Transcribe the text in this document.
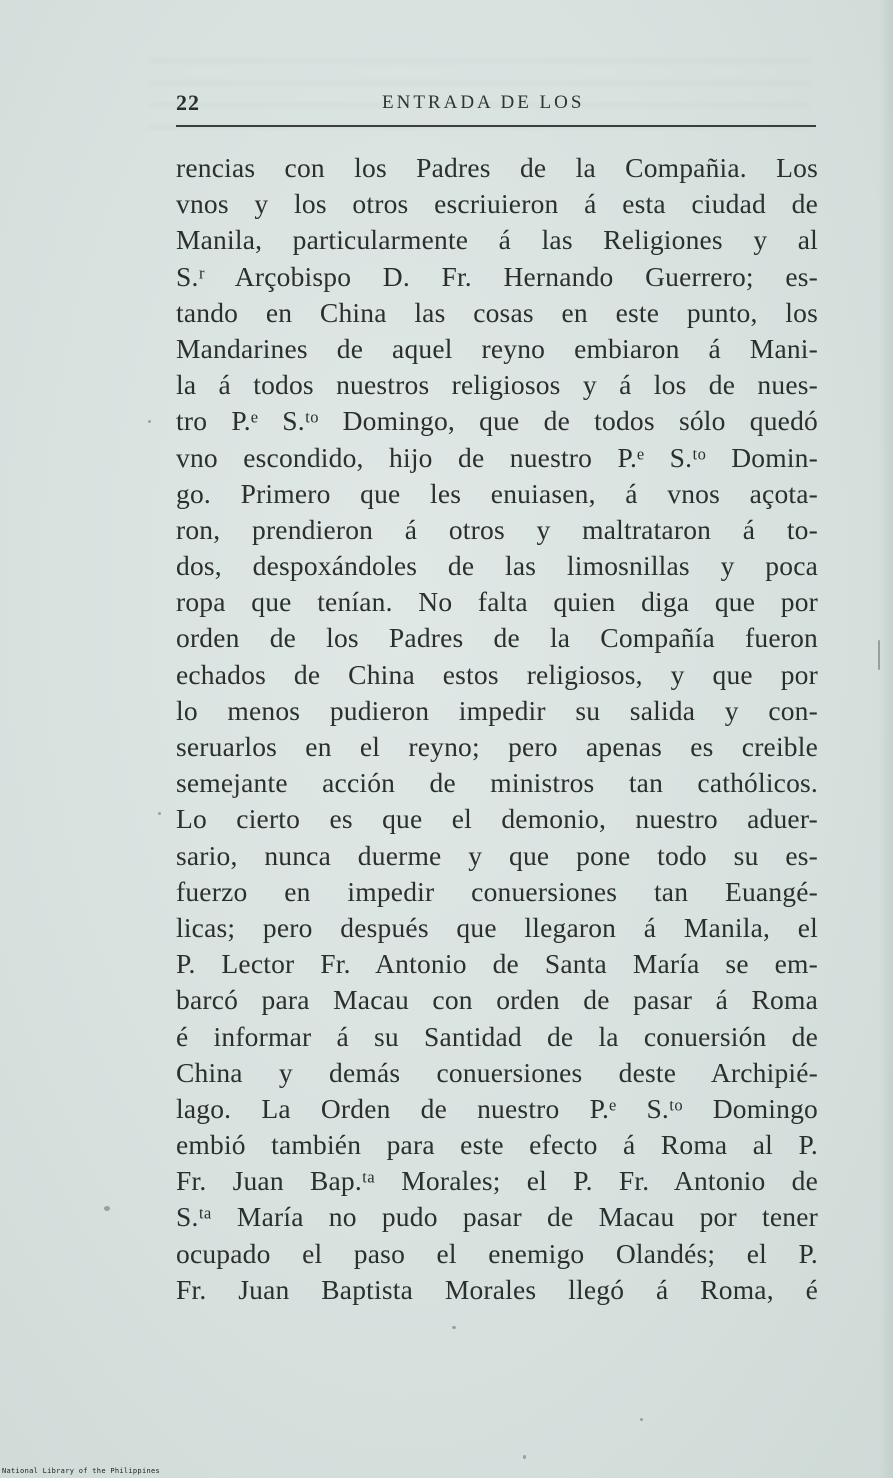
22	ENTRADA DE LOS
rencias con los Padres de la Compañia. Los
vnos y los otros escriuieron á esta ciudad de
Manila, particularmente á las Religiones y al
S.ʳ Arçobispo D. Fr. Hernando Guerrero; es-
tando en China las cosas en este punto, los
Mandarines de aquel reyno embiaron á Mani-
la á todos nuestros religiosos y á los de nues-
tro P.ᵉ S.ᵗᵒ Domingo, que de todos sólo quedó
vno escondido, hijo de nuestro P.ᵉ S.ᵗᵒ Domin-
go. Primero que les enuiasen, á vnos açota-
ron, prendieron á otros y maltrataron á to-
dos, despoxándoles de las limosnillas y poca
ropa que tenían. No falta quien diga que por
orden de los Padres de la Compañía fueron
echados de China estos religiosos, y que por
lo menos pudieron impedir su salida y con-
seruarlos en el reyno; pero apenas es creible
semejante acción de ministros tan cathólicos.
Lo cierto es que el demonio, nuestro aduer-
sario, nunca duerme y que pone todo su es-
fuerzo en impedir conuersiones tan Euangé-
licas; pero después que llegaron á Manila, el
P. Lector Fr. Antonio de Santa María se em-
barcó para Macau con orden de pasar á Roma
é informar á su Santidad de la conuersión de
China y demás conuersiones deste Archipié-
lago. La Orden de nuestro P.ᵉ S.ᵗᵒ Domingo
embió también para este efecto á Roma al P.
Fr. Juan Bap.ᵗᵃ Morales; el P. Fr. Antonio de
S.ᵗᵃ María no pudo pasar de Macau por tener
ocupado el paso el enemigo Olandés; el P.
Fr. Juan Baptista Morales llegó á Roma, é
National Library of the Philippines
